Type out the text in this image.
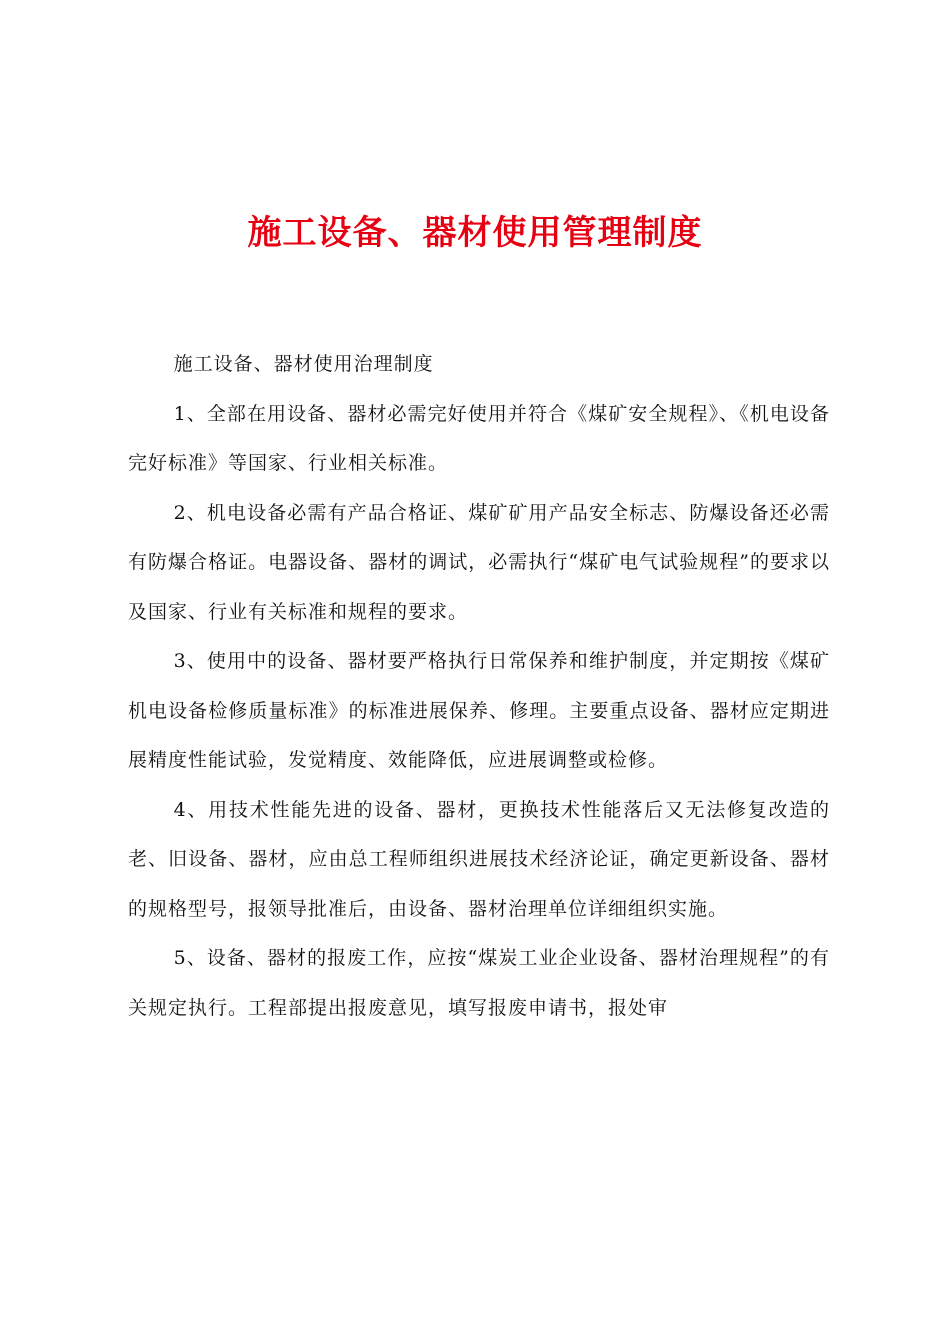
施工设备、器材使用管理制度

施工设备、器材使用治理制度

1、全部在用设备、器材必需完好使用并符合《煤矿安全规程》、《机电设备完好标准》等国家、行业相关标准。

2、机电设备必需有产品合格证、煤矿矿用产品安全标志、防爆设备还必需有防爆合格证。电器设备、器材的调试，必需执行“煤矿电气试验规程”的要求以及国家、行业有关标准和规程的要求。

3、使用中的设备、器材要严格执行日常保养和维护制度，并定期按《煤矿机电设备检修质量标准》的标准进展保养、修理。主要重点设备、器材应定期进展精度性能试验，发觉精度、效能降低，应进展调整或检修。

4、用技术性能先进的设备、器材，更换技术性能落后又无法修复改造的老、旧设备、器材，应由总工程师组织进展技术经济论证，确定更新设备、器材的规格型号，报领导批准后，由设备、器材治理单位详细组织实施。

5、设备、器材的报废工作，应按“煤炭工业企业设备、器材治理规程”的有关规定执行。工程部提出报废意见，填写报废申请书，报处审
